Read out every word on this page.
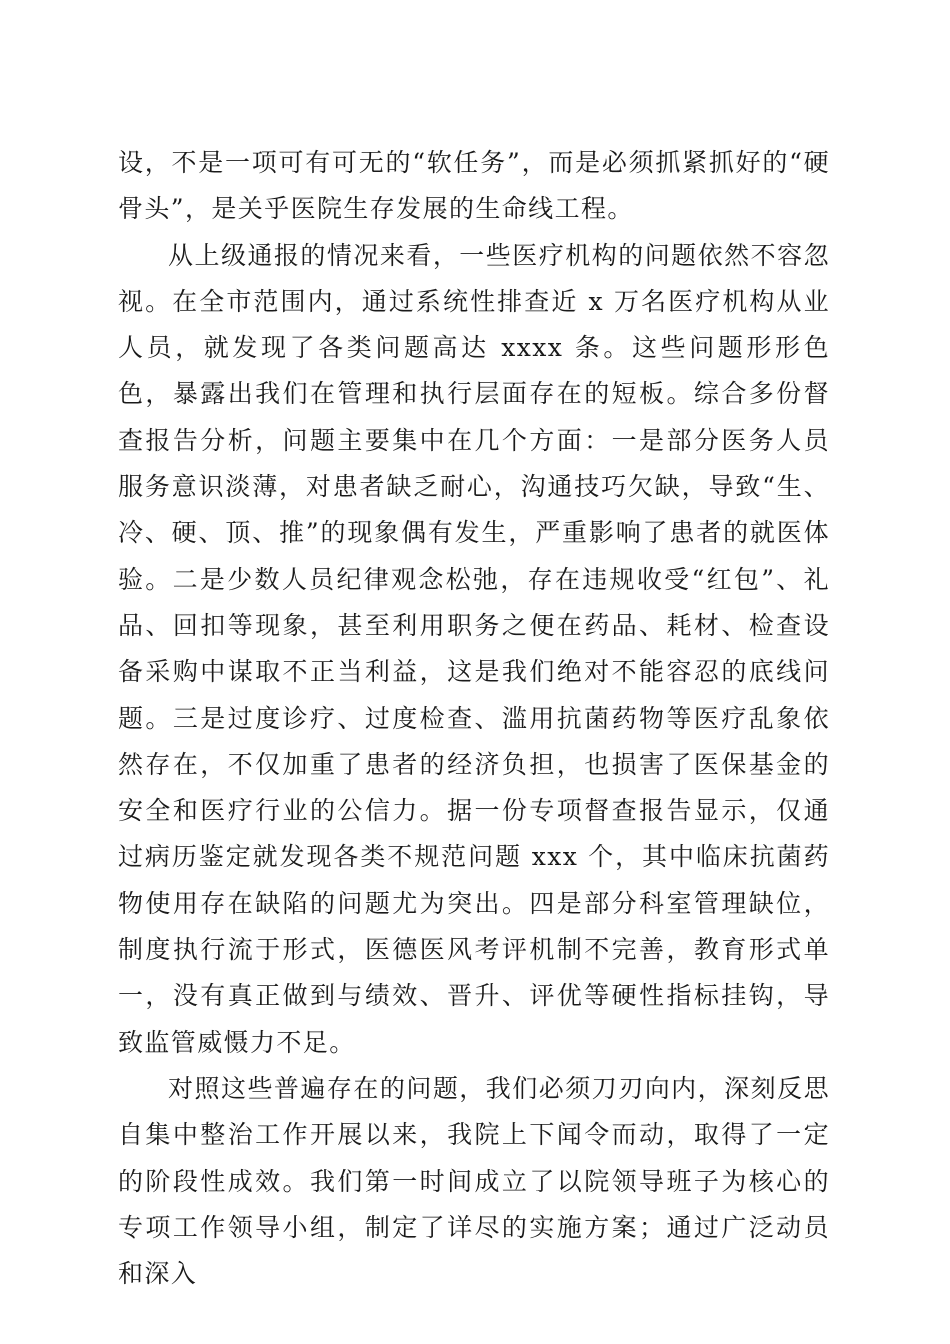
设，不是一项可有可无的“软任务”，而是必须抓紧抓好的“硬骨头”，是关乎医院生存发展的生命线工程。

从上级通报的情况来看，一些医疗机构的问题依然不容忽视。在全市范围内，通过系统性排查近 x 万名医疗机构从业人员，就发现了各类问题高达 xxxx 条。这些问题形形色色，暴露出我们在管理和执行层面存在的短板。综合多份督查报告分析，问题主要集中在几个方面：一是部分医务人员服务意识淡薄，对患者缺乏耐心，沟通技巧欠缺，导致“生、冷、硬、顶、推”的现象偶有发生，严重影响了患者的就医体验。二是少数人员纪律观念松弛，存在违规收受“红包”、礼品、回扣等现象，甚至利用职务之便在药品、耗材、检查设备采购中谋取不正当利益，这是我们绝对不能容忍的底线问题。三是过度诊疗、过度检查、滥用抗菌药物等医疗乱象依然存在，不仅加重了患者的经济负担，也损害了医保基金的安全和医疗行业的公信力。据一份专项督查报告显示，仅通过病历鉴定就发现各类不规范问题 xxx 个，其中临床抗菌药物使用存在缺陷的问题尤为突出。四是部分科室管理缺位，制度执行流于形式，医德医风考评机制不完善，教育形式单一，没有真正做到与绩效、晋升、评优等硬性指标挂钩，导致监管威慑力不足。

对照这些普遍存在的问题，我们必须刀刃向内，深刻反思自集中整治工作开展以来，我院上下闻令而动，取得了一定的阶段性成效。我们第一时间成立了以院领导班子为核心的专项工作领导小组，制定了详尽的实施方案；通过广泛动员和深入
